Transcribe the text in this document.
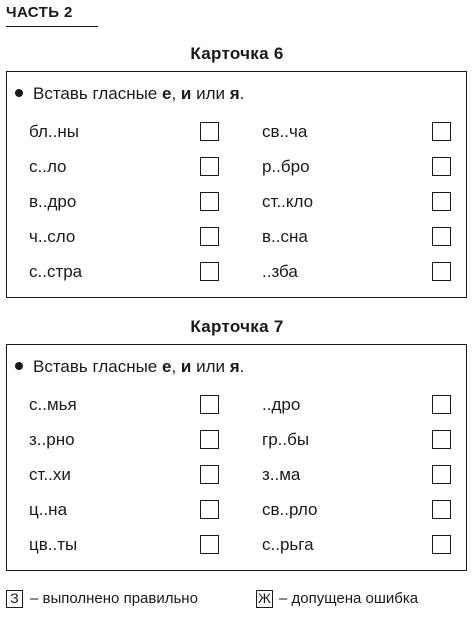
ЧАСТЬ 2
Карточка 6
Вставь гласные е, и или я.
бл..ны	св..ча
с..ло	р..бро
в..дро	ст..кло
ч..сло	в..сна
с..стра	..зба
Карточка 7
Вставь гласные е, и или я.
с..мья	..дро
з..рно	гр..бы
ст..хи	з..ма
ц..на	св..рло
цв..ты	с..рьга
З – выполнено правильно	Ж – допущена ошибка
